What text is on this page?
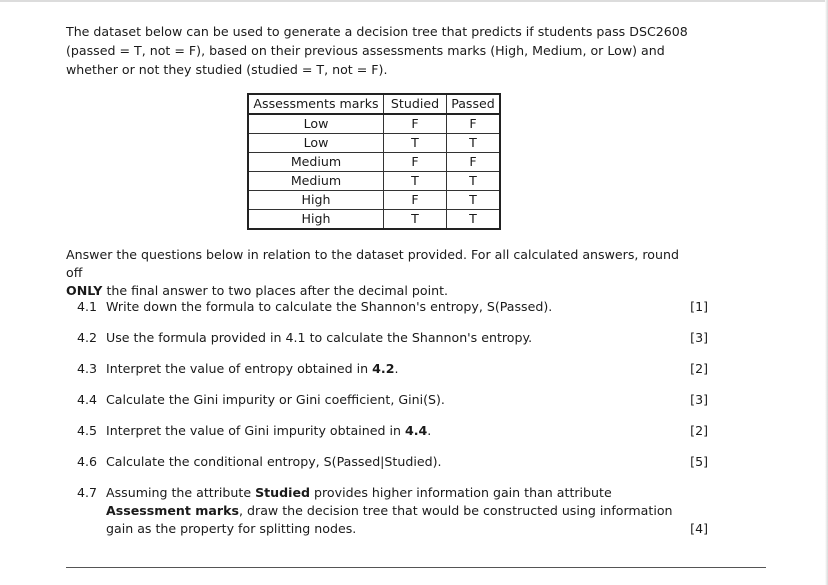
The dataset below can be used to generate a decision tree that predicts if students pass DSC2608

(passed = T, not = F), based on their previous assessments marks (High, Medium, or Low) and

whether or not they studied (studied = T, not = F).

Assessments marks	Studied	Passed
Low	F	F
Low	T	T
Medium	F	F
Medium	T	T
High	F	T
High	T	T

Answer the questions below in relation to the dataset provided. For all calculated answers, round off

ONLY the final answer to two places after the decimal point.

4.1 Write down the formula to calculate the Shannon's entropy, S(Passed).	[1]
4.2 Use the formula provided in 4.1 to calculate the Shannon's entropy.	[3]
4.3 Interpret the value of entropy obtained in 4.2.	[2]
4.4 Calculate the Gini impurity or Gini coefficient, Gini(S).	[3]
4.5 Interpret the value of Gini impurity obtained in 4.4.	[2]
4.6 Calculate the conditional entropy, S(Passed|Studied).	[5]
4.7 Assuming the attribute Studied provides higher information gain than attribute Assessment marks, draw the decision tree that would be constructed using information gain as the property for splitting nodes.	[4]
